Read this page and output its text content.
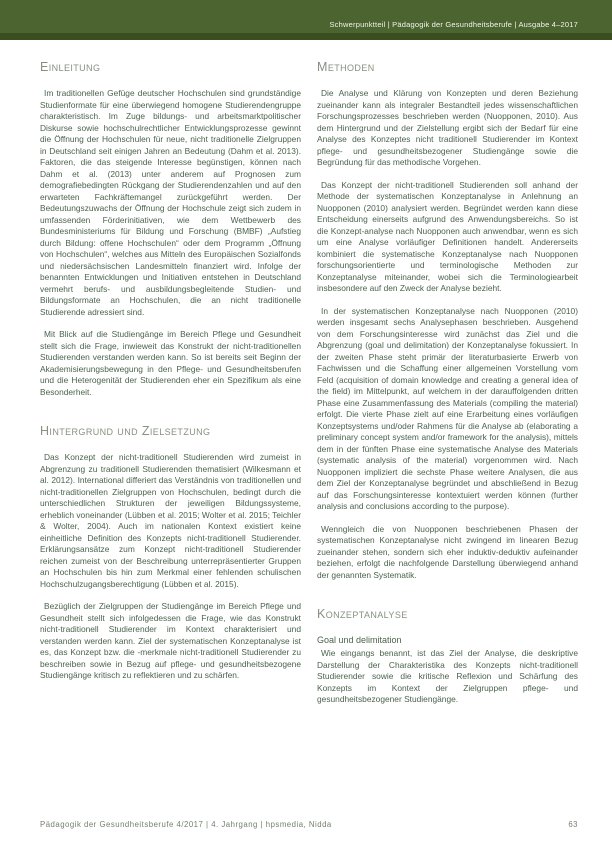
Schwerpunktteil | Pädagogik der Gesundheitsberufe | Ausgabe 4–2017
Einleitung

Im traditionellen Gefüge deutscher Hochschulen sind grundständige Studienformate für eine überwiegend homogene Studierendengruppe charakteristisch. Im Zuge bildungs- und arbeitsmarktpolitischer Diskurse sowie hochschulrechtlicher Entwicklungsprozesse gewinnt die Öffnung der Hochschulen für neue, nicht traditionelle Zielgruppen in Deutschland seit einigen Jahren an Bedeutung (Dahm et al. 2013). Faktoren, die das steigende Interesse begünstigen, können nach Dahm et al. (2013) unter anderem auf Prognosen zum demografiebedingten Rückgang der Studierendenzahlen und auf den erwarteten Fachkräftemangel zurückgeführt werden. Der Bedeutungszuwachs der Öffnung der Hochschule zeigt sich zudem in umfassenden Förderinitiativen, wie dem Wettbewerb des Bundesministeriums für Bildung und Forschung (BMBF) „Aufstieg durch Bildung: offene Hochschulen“ oder dem Programm „Öffnung von Hochschulen“, welches aus Mitteln des Europäischen Sozialfonds und niedersächsischen Landesmitteln finanziert wird. Infolge der benannten Entwicklungen und Initiativen entstehen in Deutschland vermehrt berufs- und ausbildungsbegleitende Studien- und Bildungsformate an Hochschulen, die an nicht traditionelle Studierende adressiert sind.

Mit Blick auf die Studiengänge im Bereich Pflege und Gesundheit stellt sich die Frage, inwieweit das Konstrukt der nicht-traditionellen Studierenden verstanden werden kann. So ist bereits seit Beginn der Akademisierungsbewegung in den Pflege- und Gesundheitsberufen und die Heterogenität der Studierenden eher ein Spezifikum als eine Besonderheit.

Hintergrund und Zielsetzung

Das Konzept der nicht-traditionell Studierenden wird zumeist in Abgrenzung zu traditionell Studierenden thematisiert (Wilkesmann et al. 2012). International differiert das Verständnis von traditionellen und nicht-traditionellen Zielgruppen von Hochschulen, bedingt durch die unterschiedlichen Strukturen der jeweiligen Bildungssysteme, erheblich voneinander (Lübben et al. 2015; Wolter et al. 2015; Teichler & Wolter, 2004). Auch im nationalen Kontext existiert keine einheitliche Definition des Konzepts nicht-traditionell Studierender. Erklärungsansätze zum Konzept nicht-traditionell Studierender reichen zumeist von der Beschreibung unterrepräsentierter Gruppen an Hochschulen bis hin zum Merkmal einer fehlenden schulischen Hochschulzugangsberechtigung (Lübben et al. 2015).

Bezüglich der Zielgruppen der Studiengänge im Bereich Pflege und Gesundheit stellt sich infolgedessen die Frage, wie das Konstrukt nicht-traditionell Studierender im Kontext charakterisiert und verstanden werden kann. Ziel der systematischen Konzeptanalyse ist es, das Konzept bzw. die -merkmale nicht-traditionell Studierender zu beschreiben sowie in Bezug auf pflege- und gesundheitsbezogene Studiengänge kritisch zu reflektieren und zu schärfen.

Methoden

Die Analyse und Klärung von Konzepten und deren Beziehung zueinander kann als integraler Bestandteil jedes wissenschaftlichen Forschungsprozesses beschrieben werden (Nuopponen, 2010). Aus dem Hintergrund und der Zielstellung ergibt sich der Bedarf für eine Analyse des Konzeptes nicht traditionell Studierender im Kontext pflege- und gesundheitsbezogener Studiengänge sowie die Begründung für das methodische Vorgehen.

Das Konzept der nicht-traditionell Studierenden soll anhand der Methode der systematischen Konzeptanalyse in Anlehnung an Nuopponen (2010) analysiert werden. Begründet werden kann diese Entscheidung einerseits aufgrund des Anwendungsbereichs. So ist die Konzept-analyse nach Nuopponen auch anwendbar, wenn es sich um eine Analyse vorläufiger Definitionen handelt. Andererseits kombiniert die systematische Konzeptanalyse nach Nuopponen forschungsorientierte und terminologische Methoden zur Konzeptanalyse miteinander, wobei sich die Terminologiearbeit insbesondere auf den Zweck der Analyse bezieht.

In der systematischen Konzeptanalyse nach Nuopponen (2010) werden insgesamt sechs Analysephasen beschrieben. Ausgehend von dem Forschungsinteresse wird zunächst das Ziel und die Abgrenzung (goal und delimitation) der Konzeptanalyse fokussiert. In der zweiten Phase steht primär der literaturbasierte Erwerb von Fachwissen und die Schaffung einer allgemeinen Vorstellung vom Feld (acquisition of domain knowledge and creating a general idea of the field) im Mittelpunkt, auf welchem in der darauffolgenden dritten Phase eine Zusammenfassung des Materials (compiling the material) erfolgt. Die vierte Phase zielt auf eine Erarbeitung eines vorläufigen Konzeptsystems und/oder Rahmens für die Analyse ab (elaborating a preliminary concept system and/or framework for the analysis), mittels dem in der fünften Phase eine systematische Analyse des Materials (systematic analysis of the material) vorgenommen wird. Nach Nuopponen impliziert die sechste Phase weitere Analysen, die aus dem Ziel der Konzeptanalyse begründet und abschließend in Bezug auf das Forschungsinteresse kontextuiert werden können (further analysis and conclusions according to the purpose).

Wenngleich die von Nuopponen beschriebenen Phasen der systematischen Konzeptanalyse nicht zwingend im linearen Bezug zueinander stehen, sondern sich eher induktiv-deduktiv aufeinander beziehen, erfolgt die nachfolgende Darstellung überwiegend anhand der genannten Systematik.

Konzeptanalyse
Goal und delimitation

Wie eingangs benannt, ist das Ziel der Analyse, die deskriptive Darstellung der Charakteristika des Konzepts nicht-traditionell Studierender sowie die kritische Reflexion und Schärfung des Konzepts im Kontext der Zielgruppen pflege- und gesundheitsbezogener Studiengänge.

Pädagogik der Gesundheitsberufe 4/2017 | 4. Jahrgang | hpsmedia, Nidda	63
